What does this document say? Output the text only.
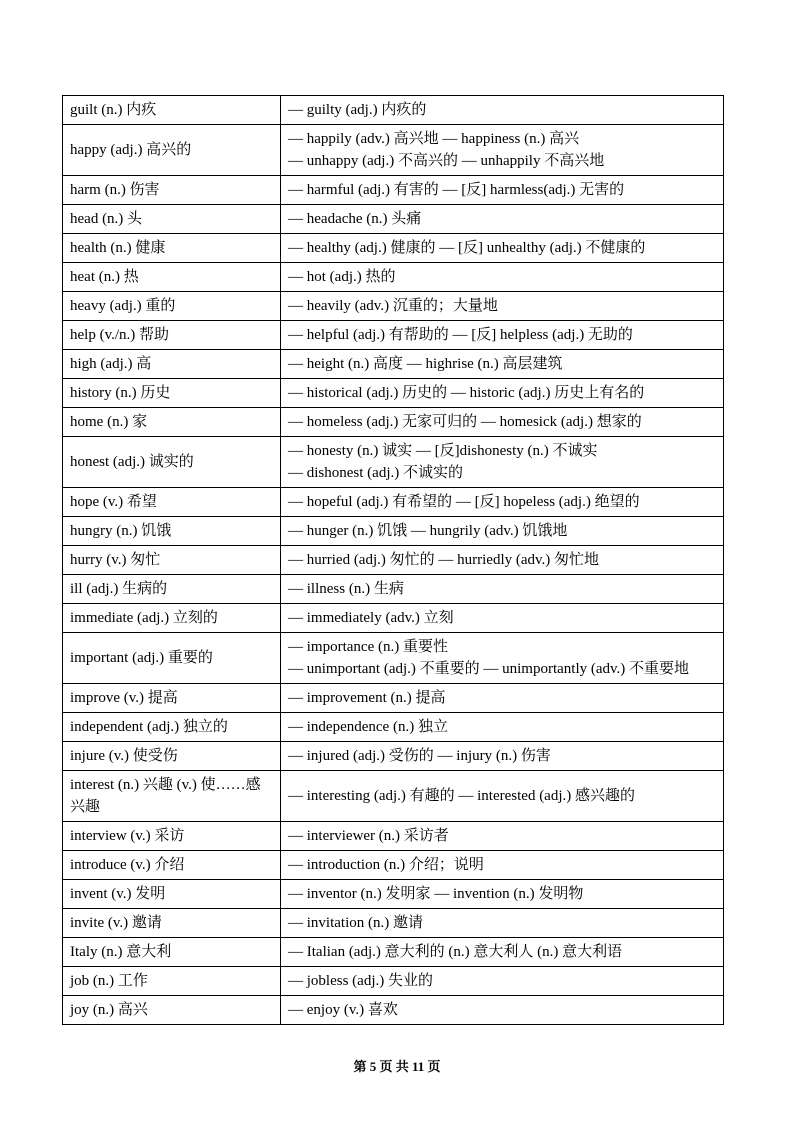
guilt (n.) 内疚	— guilty (adj.) 内疚的

happy (adj.) 高兴的	— happily (adv.) 高兴地 — happiness (n.) 高兴
— unhappy (adj.) 不高兴的 — unhappily 不高兴地

harm (n.) 伤害	— harmful (adj.) 有害的 — [反] harmless(adj.) 无害的

head (n.) 头	— headache (n.) 头痛

health (n.) 健康	— healthy (adj.) 健康的 — [反] unhealthy (adj.) 不健康的

heat (n.) 热	— hot (adj.) 热的

heavy (adj.) 重的	— heavily (adv.) 沉重的；大量地

help (v./n.) 帮助	— helpful (adj.) 有帮助的 — [反] helpless (adj.) 无助的

high (adj.) 高	— height (n.) 高度 — highrise (n.) 高层建筑

history (n.) 历史	— historical (adj.) 历史的 — historic (adj.) 历史上有名的

home (n.) 家	— homeless (adj.) 无家可归的 — homesick (adj.) 想家的

honest (adj.) 诚实的	— honesty (n.) 诚实 — [反]dishonesty (n.) 不诚实
— dishonest (adj.) 不诚实的

hope (v.) 希望	— hopeful (adj.) 有希望的 — [反] hopeless (adj.) 绝望的

hungry (n.) 饥饿	— hunger (n.) 饥饿 — hungrily (adv.) 饥饿地

hurry (v.) 匆忙	— hurried (adj.) 匆忙的 — hurriedly (adv.) 匆忙地

ill (adj.) 生病的	— illness (n.) 生病

immediate (adj.) 立刻的	— immediately (adv.) 立刻

important (adj.) 重要的	— importance (n.) 重要性
— unimportant (adj.) 不重要的 — unimportantly (adv.) 不重要地

improve (v.) 提高	— improvement (n.) 提高

independent (adj.) 独立的	— independence (n.) 独立

injure (v.) 使受伤	— injured (adj.) 受伤的 — injury (n.) 伤害

interest (n.) 兴趣 (v.) 使……感兴趣	— interesting (adj.) 有趣的 — interested (adj.) 感兴趣的

interview (v.) 采访	— interviewer (n.) 采访者

introduce (v.) 介绍	— introduction (n.) 介绍；说明

invent (v.) 发明	— inventor (n.) 发明家 — invention (n.) 发明物

invite (v.) 邀请	— invitation (n.) 邀请

Italy (n.) 意大利	— Italian (adj.) 意大利的 (n.) 意大利人 (n.) 意大利语

job (n.) 工作	— jobless (adj.) 失业的

joy (n.) 高兴	— enjoy (v.) 喜欢
第 5 页 共 11 页
